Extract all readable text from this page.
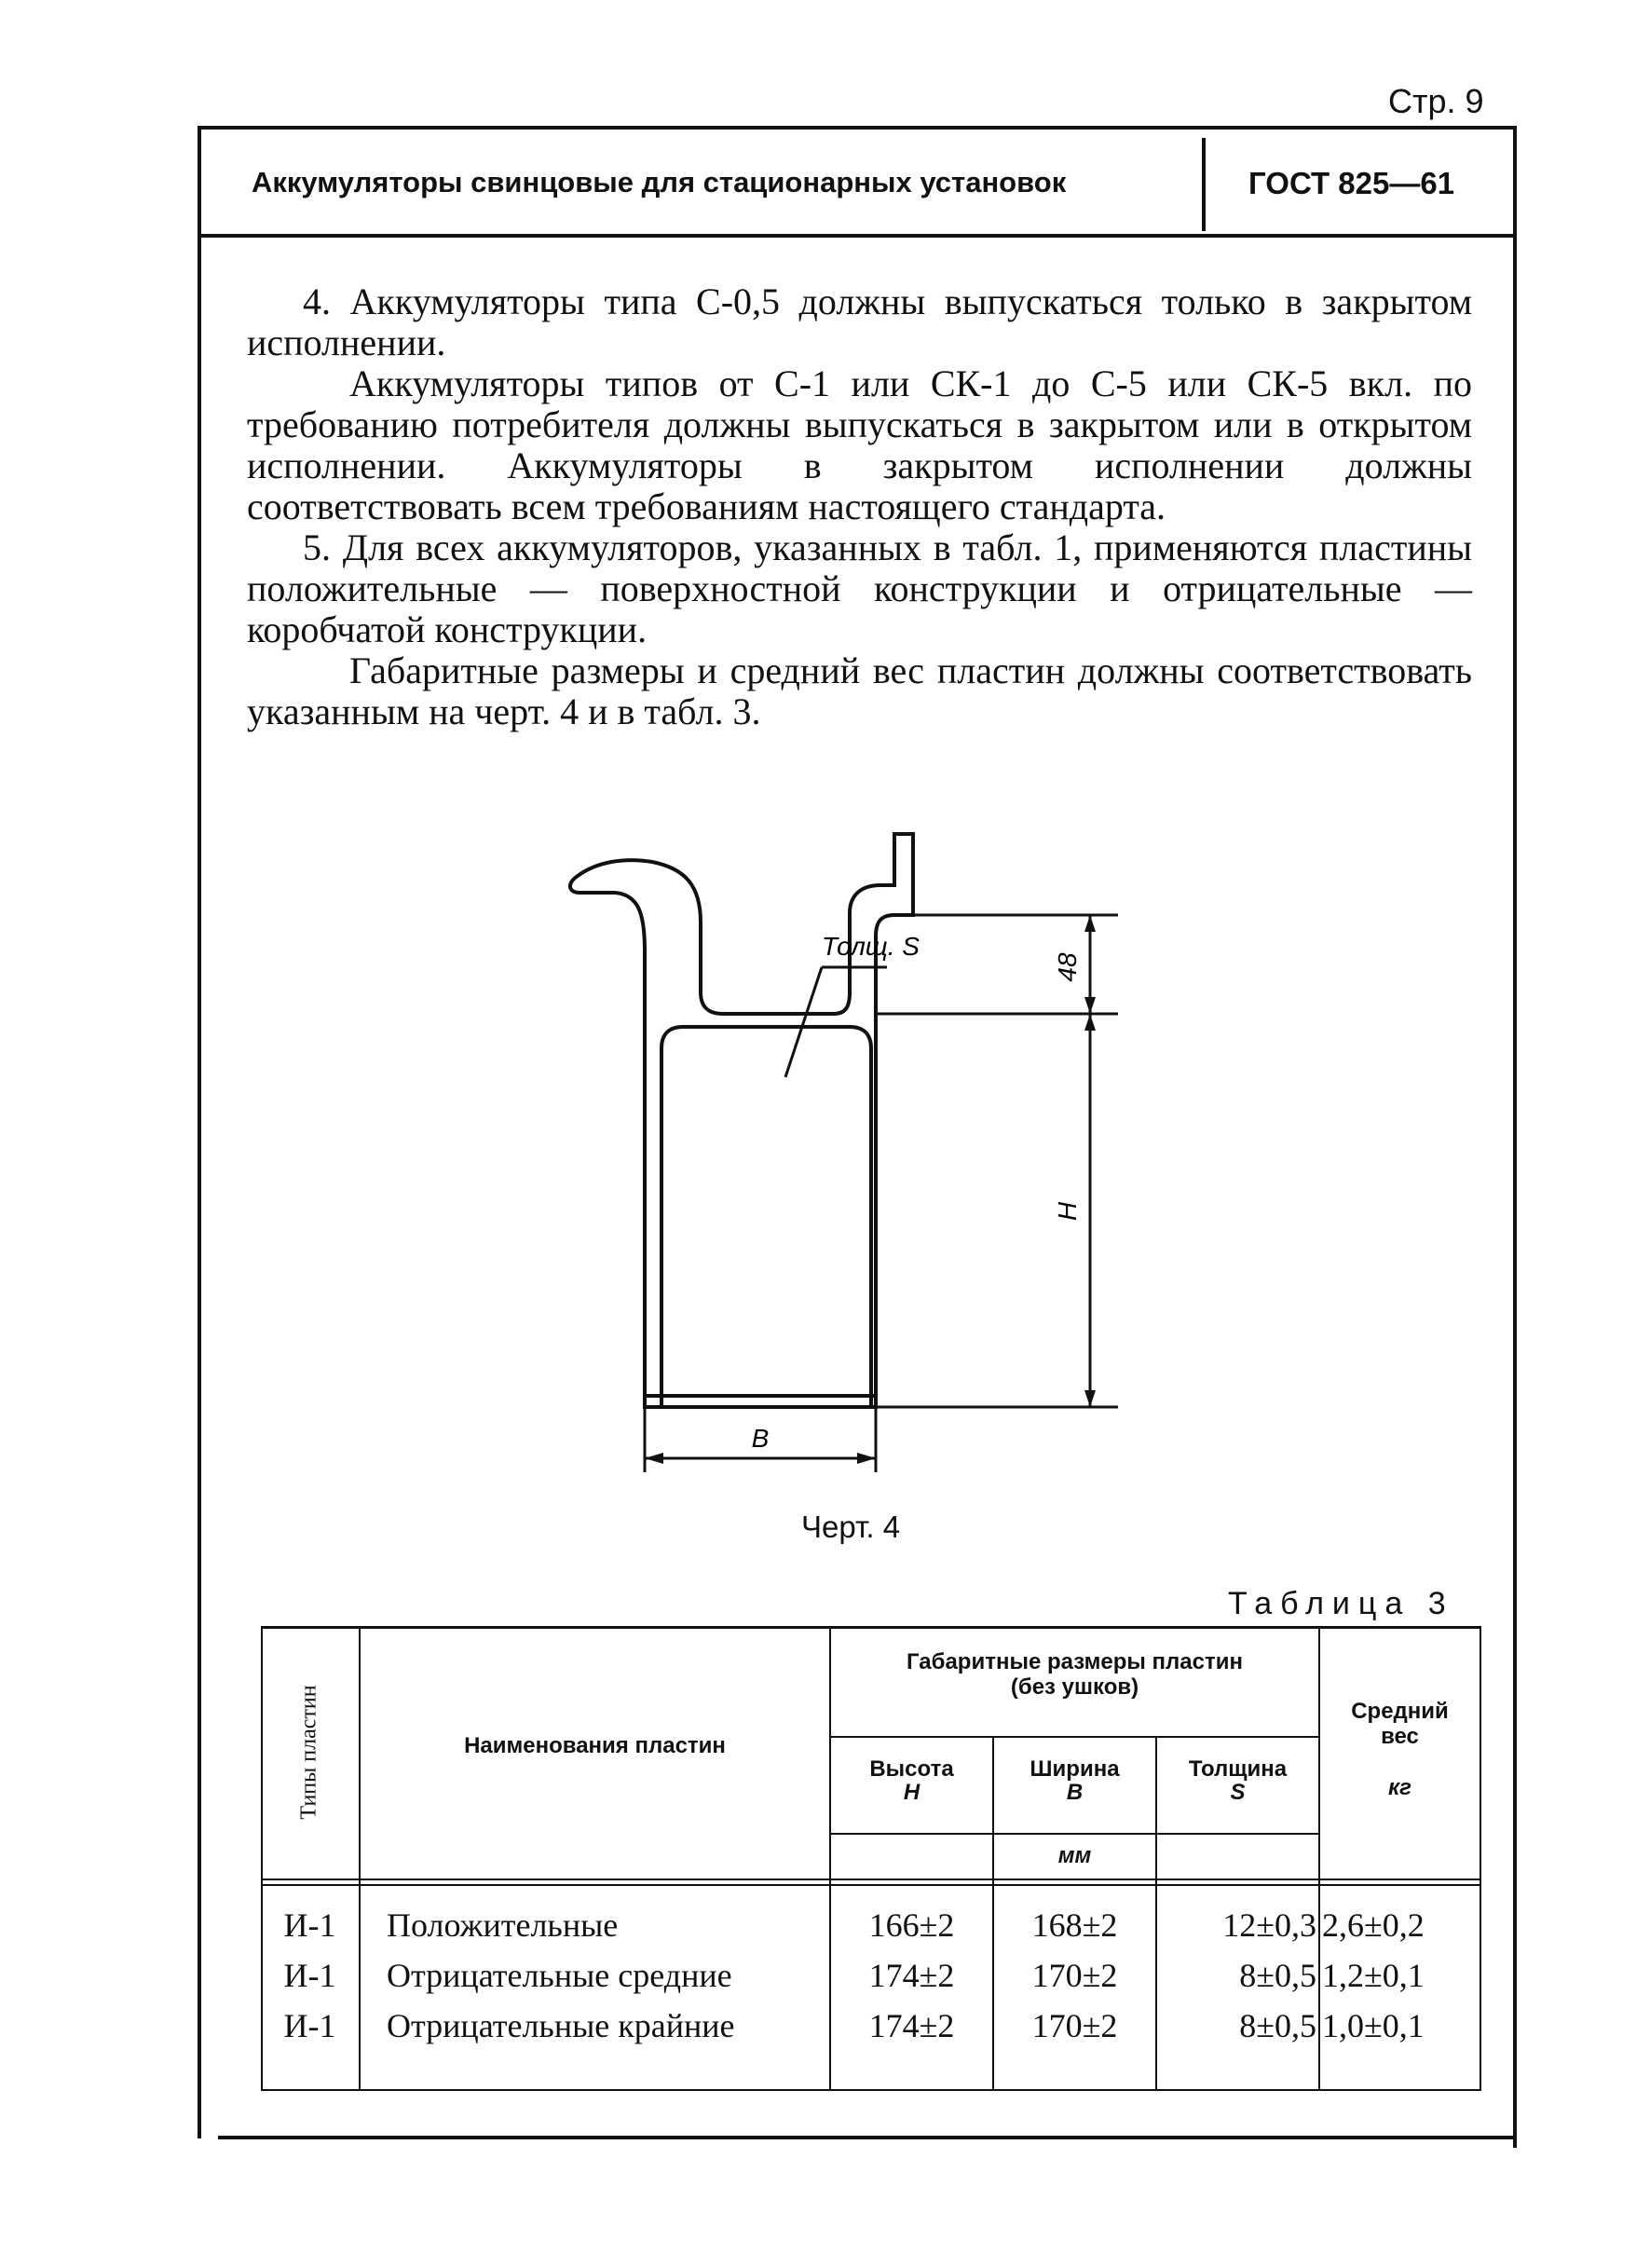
Стр. 9
Аккумуляторы свинцовые для стационарных установок	ГОСТ 825—61

4. Аккумуляторы типа С-0,5 должны выпускаться только в закрытом исполнении.

Аккумуляторы типов от С-1 или СК-1 до С-5 или СК-5 вкл. по требованию потребителя должны выпускаться в закрытом или в открытом исполнении. Аккумуляторы в закрытом исполнении должны соответствовать всем требованиям настоящего стандарта.

5. Для всех аккумуляторов, указанных в табл. 1, применяются пластины положительные — поверхностной конструкции и отрицательные — коробчатой конструкции.

Габаритные размеры и средний вес пластин должны соответствовать указанным на черт. 4 и в табл. 3.

Толщ. S
48
H
B
Черт. 4
Таблица 3
Типы пластин	Наименования пластин
Габаритные размеры пластин
(без ушков)
Высота
H
Ширина
B
Толщина
S
мм
Средний
вес
кг
И-1	Положительные	166±2	168±2	12±0,3 2,6±0,2
И-1	Отрицательные средние	174±2	170±2	8±0,5 1,2±0,1
И-1	Отрицательные крайние	174±2	170±2	8±0,5 1,0±0,1
